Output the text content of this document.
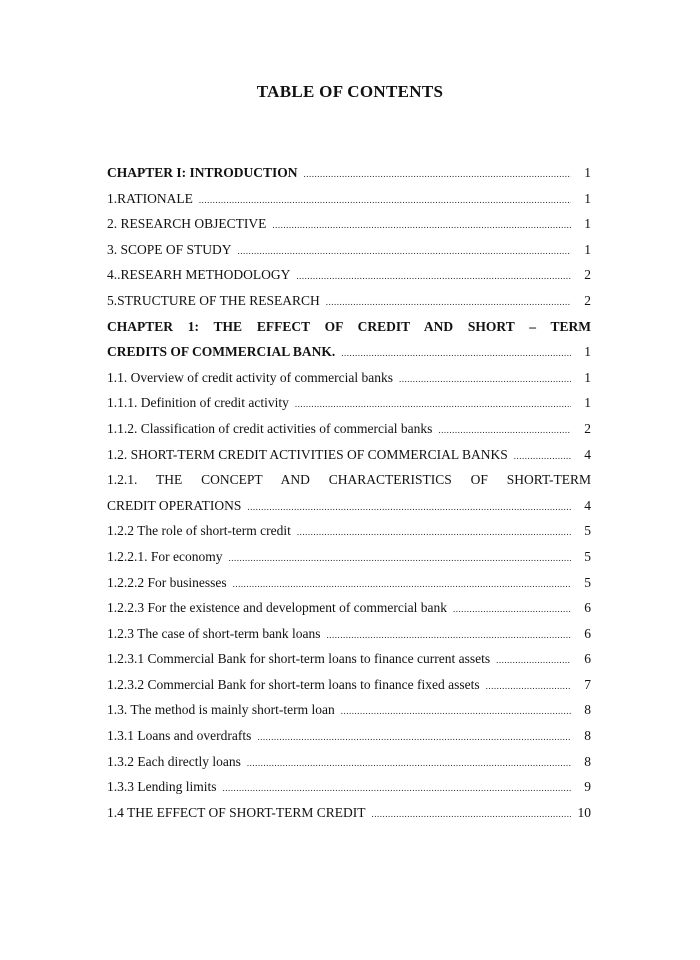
TABLE OF CONTENTS
CHAPTER I: INTRODUCTION .....	1
1.RATIONALE .....	1
2. RESEARCH OBJECTIVE .....	1
3. SCOPE OF STUDY .....	1
4..RESEARH METHODOLOGY .....	2
5.STRUCTURE OF THE RESEARCH .....	2
CHAPTER 1: THE EFFECT OF CREDIT AND SHORT – TERM
CREDITS OF COMMERCIAL BANK. .....	1
1.1. Overview of credit activity of commercial banks .....	1
1.1.1. Definition of credit activity .....	1
1.1.2. Classification of credit activities of commercial banks .....	2
1.2. SHORT-TERM CREDIT ACTIVITIES OF COMMERCIAL BANKS .....	4
1.2.1. THE CONCEPT AND CHARACTERISTICS OF SHORT-TERM
CREDIT OPERATIONS .....	4
1.2.2 The role of short-term credit .....	5
1.2.2.1. For economy .....	5
1.2.2.2 For businesses .....	5
1.2.2.3 For the existence and development of commercial bank .....	6
1.2.3 The case of short-term bank loans .....	6
1.2.3.1 Commercial Bank for short-term loans to finance current assets .....	6
1.2.3.2 Commercial Bank for short-term loans to finance fixed assets .....	7
1.3. The method is mainly short-term loan .....	8
1.3.1 Loans and overdrafts .....	8
1.3.2 Each directly loans .....	8
1.3.3 Lending limits .....	9
1.4 THE EFFECT OF SHORT-TERM CREDIT .....	10
